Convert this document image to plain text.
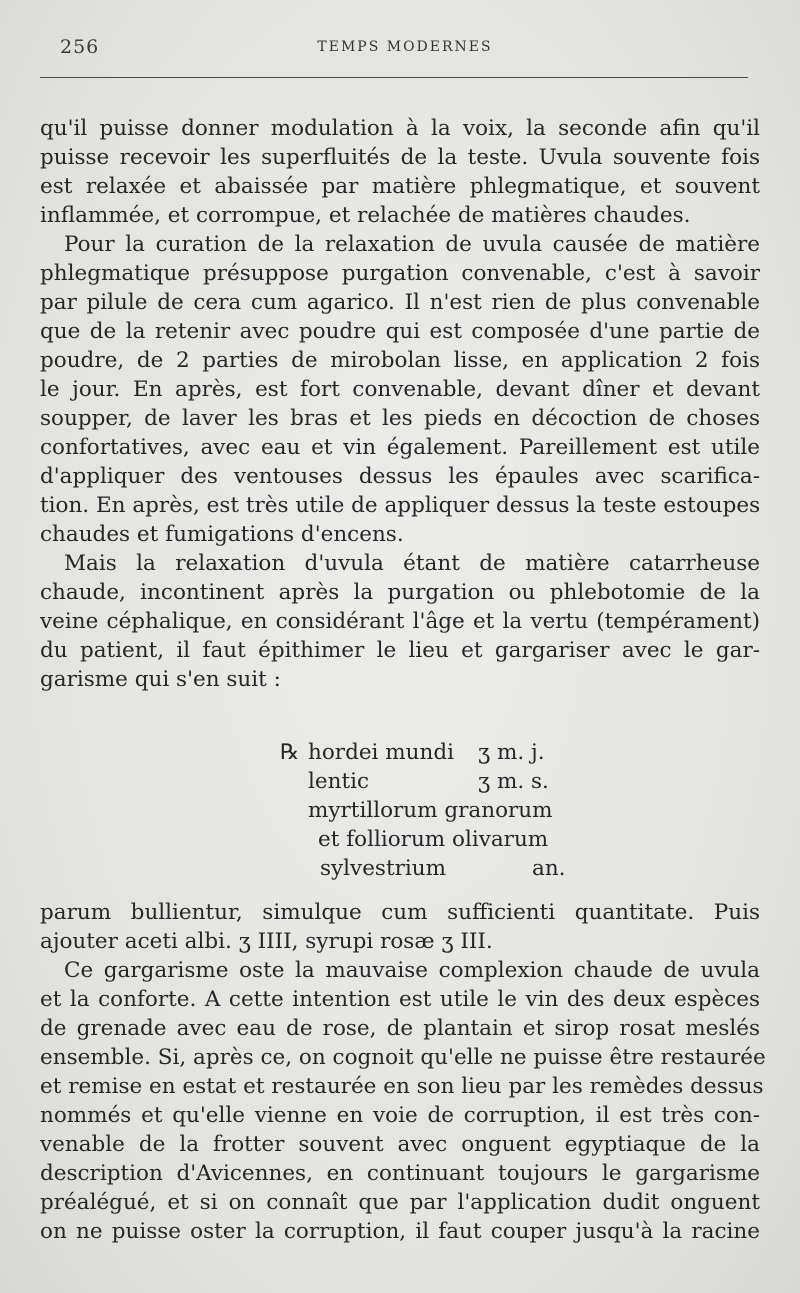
256	TEMPS MODERNES
qu'il puisse donner modulation à la voix, la seconde afin qu'il
puisse recevoir les superfluités de la teste. Uvula souvente fois
est relaxée et abaissée par matière phlegmatique, et souvent
inflammée, et corrompue, et relachée de matières chaudes.
Pour la curation de la relaxation de uvula causée de matière
phlegmatique présuppose purgation convenable, c'est à savoir
par pilule de cera cum agarico. Il n'est rien de plus convenable
que de la retenir avec poudre qui est composée d'une partie de
poudre, de 2 parties de mirobolan lisse, en application 2 fois
le jour. En après, est fort convenable, devant dîner et devant
soupper, de laver les bras et les pieds en décoction de choses
confortatives, avec eau et vin également. Pareillement est utile
d'appliquer des ventouses dessus les épaules avec scarifica-
tion. En après, est très utile de appliquer dessus la teste estoupes
chaudes et fumigations d'encens.
Mais la relaxation d'uvula étant de matière catarrheuse
chaude, incontinent après la purgation ou phlebotomie de la
veine céphalique, en considérant l'âge et la vertu (tempérament)
du patient, il faut épithimer le lieu et gargariser avec le gar-
garisme qui s'en suit :
℞ hordei mundi ʒ m. j.
lentic	ʒ m. s.
myrtillorum granorum
et folliorum olivarum
sylvestrium	an.
parum bullientur, simulque cum sufficienti quantitate. Puis
ajouter aceti albi. ʒ IIII, syrupi rosæ ʒ III.
Ce gargarisme oste la mauvaise complexion chaude de uvula
et la conforte. A cette intention est utile le vin des deux espèces
de grenade avec eau de rose, de plantain et sirop rosat meslés
ensemble. Si, après ce, on cognoit qu'elle ne puisse être restaurée
et remise en estat et restaurée en son lieu par les remèdes dessus
nommés et qu'elle vienne en voie de corruption, il est très con-
venable de la frotter souvent avec onguent egyptiaque de la
description d'Avicennes, en continuant toujours le gargarisme
préalégué, et si on connaît que par l'application dudit onguent
on ne puisse oster la corruption, il faut couper jusqu'à la racine
